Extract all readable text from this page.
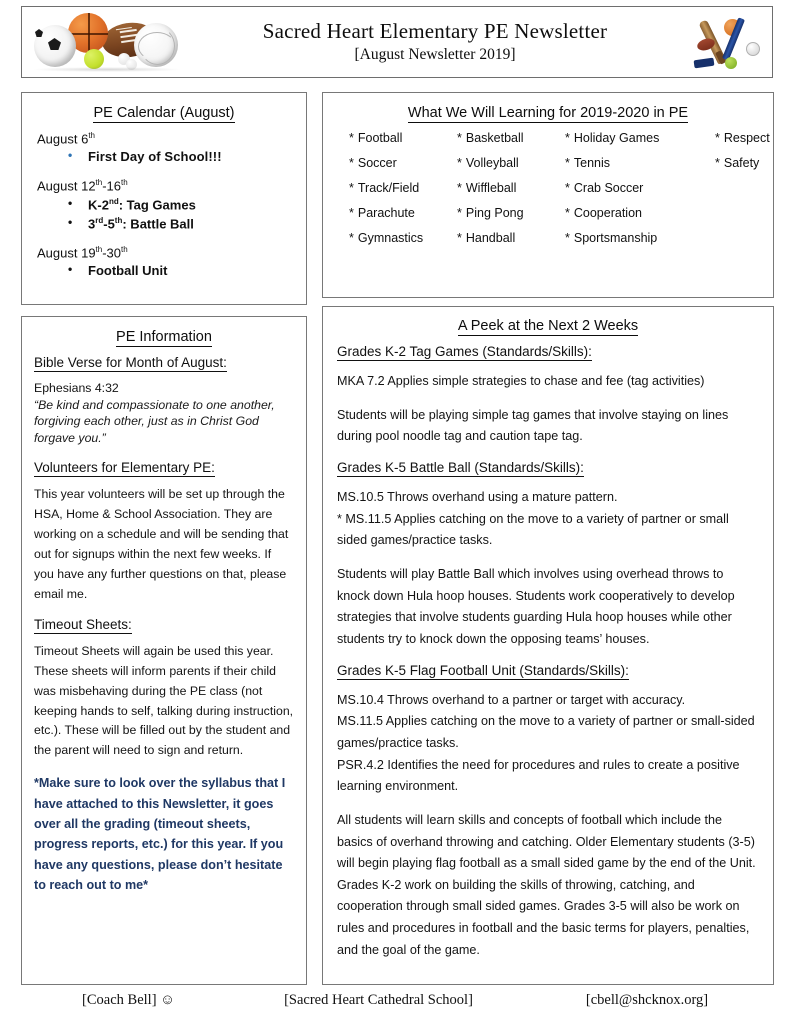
Sacred Heart Elementary PE Newsletter
[August Newsletter 2019]
PE Calendar (August)
August 6th
• First Day of School!!!
August 12th-16th
• K-2nd: Tag Games
• 3rd-5th: Battle Ball
August 19th-30th
• Football Unit
What We Will Learning for 2019-2020 in PE
* Football	* Basketball	* Holiday Games	* Respect
* Soccer	* Volleyball	* Tennis	* Safety
* Track/Field	* Wiffleball	* Crab Soccer
* Parachute	* Ping Pong	* Cooperation
* Gymnastics	* Handball	* Sportsmanship
PE Information
Bible Verse for Month of August:

Ephesians 4:32

“Be kind and compassionate to one another, forgiving each other, just as in Christ God forgave you.”

Volunteers for Elementary PE:

This year volunteers will be set up through the HSA, Home & School Association. They are working on a schedule and will be sending that out for signups within the next few weeks. If you have any further questions on that, please email me.

Timeout Sheets:

Timeout Sheets will again be used this year. These sheets will inform parents if their child was misbehaving during the PE class (not keeping hands to self, talking during instruction, etc.). These will be filled out by the student and the parent will need to sign and return.

*Make sure to look over the syllabus that I have attached to this Newsletter, it goes over all the grading (timeout sheets, progress reports, etc.) for this year. If you have any questions, please don’t hesitate to reach out to me*

A Peek at the Next 2 Weeks
Grades K-2 Tag Games (Standards/Skills):

MKA 7.2 Applies simple strategies to chase and fee (tag activities)

Students will be playing simple tag games that involve staying on lines during pool noodle tag and caution tape tag.

Grades K-5 Battle Ball (Standards/Skills):

MS.10.5 Throws overhand using a mature pattern.
* MS.11.5 Applies catching on the move to a variety of partner or small sided games/practice tasks.

Students will play Battle Ball which involves using overhead throws to knock down Hula hoop houses. Students work cooperatively to develop strategies that involve students guarding Hula hoop houses while other students try to knock down the opposing teams’ houses.

Grades K-5 Flag Football Unit (Standards/Skills):

MS.10.4 Throws overhand to a partner or target with accuracy.
MS.11.5 Applies catching on the move to a variety of partner or small-sided games/practice tasks.
PSR.4.2 Identifies the need for procedures and rules to create a positive learning environment.

All students will learn skills and concepts of football which include the basics of overhand throwing and catching. Older Elementary students (3-5) will begin playing flag football as a small sided game by the end of the Unit. Grades K-2 work on building the skills of throwing, catching, and cooperation through small sided games. Grades 3-5 will also be work on rules and procedures in football and the basic terms for players, penalties, and the goal of the game.

[Coach Bell] ☺	[Sacred Heart Cathedral School]	[cbell@shcknox.org]
